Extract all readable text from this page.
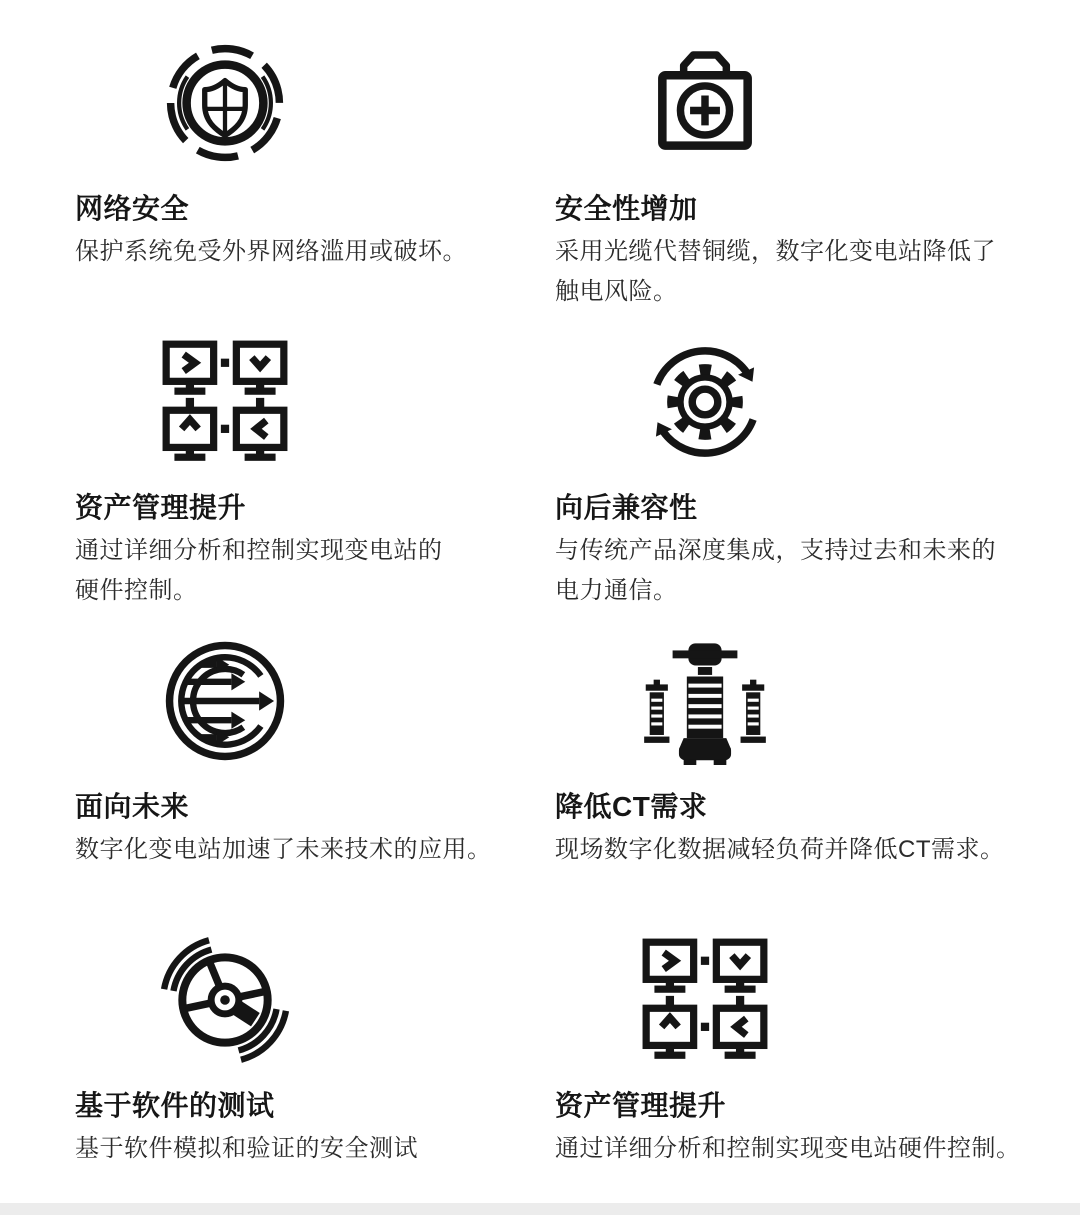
网络安全

保护系统免受外界网络滥用或破坏。

安全性增加

采用光缆代替铜缆，数字化变电站降低了
触电风险。

资产管理提升

通过详细分析和控制实现变电站的
硬件控制。

向后兼容性

与传统产品深度集成，支持过去和未来的
电力通信。

面向未来

数字化变电站加速了未来技术的应用。

降低CT需求

现场数字化数据减轻负荷并降低CT需求。

基于软件的测试

基于软件模拟和验证的安全测试

资产管理提升

通过详细分析和控制实现变电站硬件控制。
